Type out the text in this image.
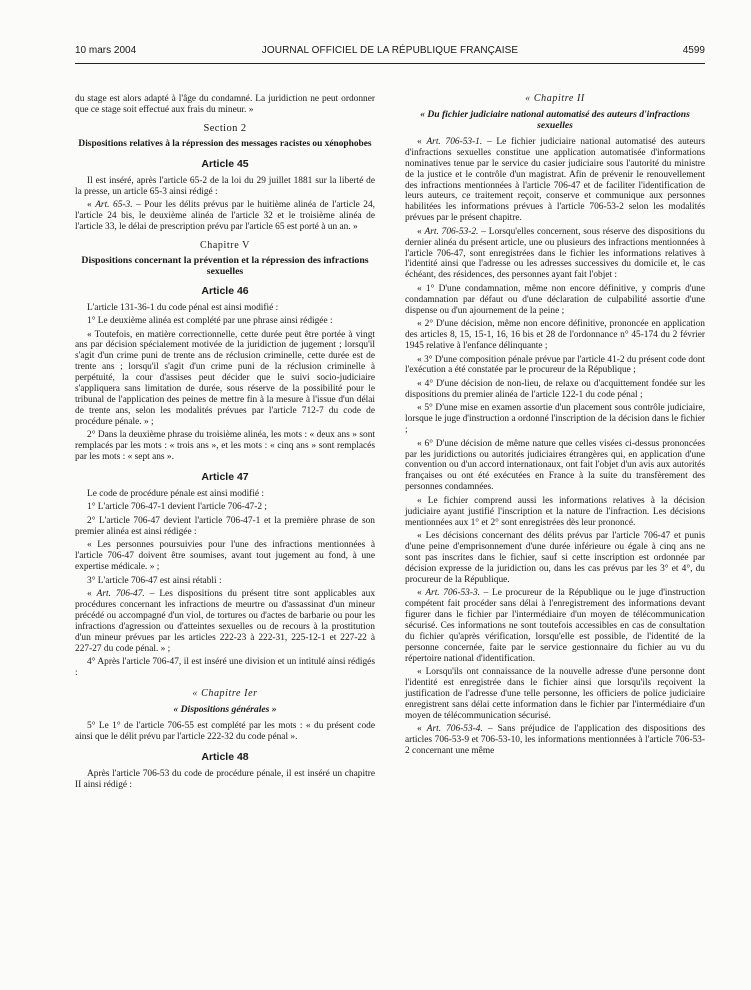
10 mars 2004	JOURNAL OFFICIEL DE LA RÉPUBLIQUE FRANÇAISE	4599

du stage est alors adapté à l'âge du condamné. La juridiction ne peut ordonner que ce stage soit effectué aux frais du mineur. »

Section 2
Dispositions relatives à la répression des messages racistes ou xénophobes
Article 45

Il est inséré, après l'article 65-2 de la loi du 29 juillet 1881 sur la liberté de la presse, un article 65-3 ainsi rédigé :

« Art. 65-3. – Pour les délits prévus par le huitième alinéa de l'article 24, l'article 24 bis, le deuxième alinéa de l'article 32 et le troisième alinéa de l'article 33, le délai de prescription prévu par l'article 65 est porté à un an. »

Chapitre V
Dispositions concernant la prévention et la répression des infractions sexuelles
Article 46

L'article 131-36-1 du code pénal est ainsi modifié :

1° Le deuxième alinéa est complété par une phrase ainsi rédigée :

« Toutefois, en matière correctionnelle, cette durée peut être portée à vingt ans par décision spécialement motivée de la juridiction de jugement ; lorsqu'il s'agit d'un crime puni de trente ans de réclusion criminelle, cette durée est de trente ans ; lorsqu'il s'agit d'un crime puni de la réclusion criminelle à perpétuité, la cour d'assises peut décider que le suivi socio-judiciaire s'appliquera sans limitation de durée, sous réserve de la possibilité pour le tribunal de l'application des peines de mettre fin à la mesure à l'issue d'un délai de trente ans, selon les modalités prévues par l'article 712-7 du code de procédure pénale. » ;

2° Dans la deuxième phrase du troisième alinéa, les mots : « deux ans » sont remplacés par les mots : « trois ans », et les mots : « cinq ans » sont remplacés par les mots : « sept ans ».

Article 47

Le code de procédure pénale est ainsi modifié :

1° L'article 706-47-1 devient l'article 706-47-2 ;

2° L'article 706-47 devient l'article 706-47-1 et la première phrase de son premier alinéa est ainsi rédigée :

« Les personnes poursuivies pour l'une des infractions mentionnées à l'article 706-47 doivent être soumises, avant tout jugement au fond, à une expertise médicale. » ;

3° L'article 706-47 est ainsi rétabli :

« Art. 706-47. – Les dispositions du présent titre sont applicables aux procédures concernant les infractions de meurtre ou d'assassinat d'un mineur précédé ou accompagné d'un viol, de tortures ou d'actes de barbarie ou pour les infractions d'agression ou d'atteintes sexuelles ou de recours à la prostitution d'un mineur prévues par les articles 222-23 à 222-31, 225-12-1 et 227-22 à 227-27 du code pénal. » ;

4° Après l'article 706-47, il est inséré une division et un intitulé ainsi rédigés :

« Chapitre Ier
« Dispositions générales »

5° Le 1° de l'article 706-55 est complété par les mots : « du présent code ainsi que le délit prévu par l'article 222-32 du code pénal ».

Article 48

Après l'article 706-53 du code de procédure pénale, il est inséré un chapitre II ainsi rédigé :

« Chapitre II
« Du fichier judiciaire national automatisé des auteurs d'infractions sexuelles

« Art. 706-53-1. – Le fichier judiciaire national automatisé des auteurs d'infractions sexuelles constitue une application automatisée d'informations nominatives tenue par le service du casier judiciaire sous l'autorité du ministre de la justice et le contrôle d'un magistrat. Afin de prévenir le renouvellement des infractions mentionnées à l'article 706-47 et de faciliter l'identification de leurs auteurs, ce traitement reçoit, conserve et communique aux personnes habilitées les informations prévues à l'article 706-53-2 selon les modalités prévues par le présent chapitre.

« Art. 706-53-2. – Lorsqu'elles concernent, sous réserve des dispositions du dernier alinéa du présent article, une ou plusieurs des infractions mentionnées à l'article 706-47, sont enregistrées dans le fichier les informations relatives à l'identité ainsi que l'adresse ou les adresses successives du domicile et, le cas échéant, des résidences, des personnes ayant fait l'objet :

« 1° D'une condamnation, même non encore définitive, y compris d'une condamnation par défaut ou d'une déclaration de culpabilité assortie d'une dispense ou d'un ajournement de la peine ;

« 2° D'une décision, même non encore définitive, prononcée en application des articles 8, 15, 15-1, 16, 16 bis et 28 de l'ordonnance n° 45-174 du 2 février 1945 relative à l'enfance délinquante ;

« 3° D'une composition pénale prévue par l'article 41-2 du présent code dont l'exécution a été constatée par le procureur de la République ;

« 4° D'une décision de non-lieu, de relaxe ou d'acquittement fondée sur les dispositions du premier alinéa de l'article 122-1 du code pénal ;

« 5° D'une mise en examen assortie d'un placement sous contrôle judiciaire, lorsque le juge d'instruction a ordonné l'inscription de la décision dans le fichier ;

« 6° D'une décision de même nature que celles visées ci-dessus prononcées par les juridictions ou autorités judiciaires étrangères qui, en application d'une convention ou d'un accord internationaux, ont fait l'objet d'un avis aux autorités françaises ou ont été exécutées en France à la suite du transfèrement des personnes condamnées.

« Le fichier comprend aussi les informations relatives à la décision judiciaire ayant justifié l'inscription et la nature de l'infraction. Les décisions mentionnées aux 1° et 2° sont enregistrées dès leur prononcé.

« Les décisions concernant des délits prévus par l'article 706-47 et punis d'une peine d'emprisonnement d'une durée inférieure ou égale à cinq ans ne sont pas inscrites dans le fichier, sauf si cette inscription est ordonnée par décision expresse de la juridiction ou, dans les cas prévus par les 3° et 4°, du procureur de la République.

« Art. 706-53-3. – Le procureur de la République ou le juge d'instruction compétent fait procéder sans délai à l'enregistrement des informations devant figurer dans le fichier par l'intermédiaire d'un moyen de télécommunication sécurisé. Ces informations ne sont toutefois accessibles en cas de consultation du fichier qu'après vérification, lorsqu'elle est possible, de l'identité de la personne concernée, faite par le service gestionnaire du fichier au vu du répertoire national d'identification.

« Lorsqu'ils ont connaissance de la nouvelle adresse d'une personne dont l'identité est enregistrée dans le fichier ainsi que lorsqu'ils reçoivent la justification de l'adresse d'une telle personne, les officiers de police judiciaire enregistrent sans délai cette information dans le fichier par l'intermédiaire d'un moyen de télécommunication sécurisé.

« Art. 706-53-4. – Sans préjudice de l'application des dispositions des articles 706-53-9 et 706-53-10, les informations mentionnées à l'article 706-53-2 concernant une même
